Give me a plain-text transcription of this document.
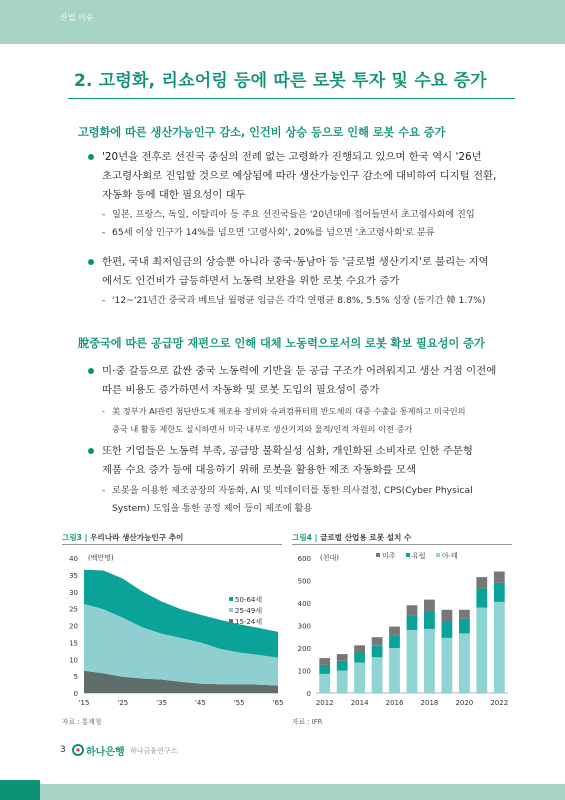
산업 이슈
2. 고령화, 리쇼어링 등에 따른 로봇 투자 및 수요 증가
고령화에 따른 생산가능인구 감소, 인건비 상승 등으로 인해 로봇 수요 증가
'20년을 전후로 선진국 중심의 전례 없는 고령화가 진행되고 있으며 한국 역시 '26년
초고령사회로 진입할 것으로 예상됨에 따라 생산가능인구 감소에 대비하여 디지털 전환,
자동화 등에 대한 필요성이 대두
- 일본, 프랑스, 독일, 이탈리아 등 주요 선진국들은 '20년대에 접어들면서 초고령사회에 진입
- 65세 이상 인구가 14%를 넘으면 '고령사회', 20%를 넘으면 '초고령사회'로 분류
한편, 국내 최저임금의 상승뿐 아니라 중국·동남아 등 '글로벌 생산기지'로 불리는 지역
에서도 인건비가 급등하면서 노동력 보완을 위한 로봇 수요가 증가
- '12~'21년간 중국과 베트남 월평균 임금은 각각 연평균 8.8%, 5.5% 성장 (동기간 韓 1.7%)
脫중국에 따른 공급망 재편으로 인해 대체 노동력으로서의 로봇 확보 필요성이 증가
미·중 갈등으로 값싼 중국 노동력에 기반을 둔 공급 구조가 어려워지고 생산 거점 이전에
따른 비용도 증가하면서 자동화 및 로봇 도입의 필요성이 증가
- 美 정부가 AI관련 첨단반도체 제조용 장비와 슈퍼컴퓨터用 반도체의 대중 수출을 통제하고 미국인의
중국 내 활동 제한도 실시하면서 미국 내부로 생산기지와 물적/인적 자원의 이전 증가
또한 기업들은 노동력 부족, 공급망 불확실성 심화, 개인화된 소비자로 인한 주문형
제품 수요 증가 등에 대응하기 위해 로봇을 활용한 제조 자동화를 모색
- 로봇을 이용한 제조공장의 자동화, AI 및 빅데이터를 통한 의사결정, CPS(Cyber Physical
System) 도입을 통한 공정 제어 등이 제조에 활용
그림3 | 우리나라 생산가능인구 추이
0
5
10
15
20
25
30
35
40 (백만명)
'15	'25	'35	'45	'55	'65
50-64세
25-49세
15-24세
자료 : 통계청
그림4 | 글로벌 산업용 로봇 설치 수
0
100
200
300
400
500
600 (천대)
2012 2014 2016 2018 2020 2022
미주 유럽 아·태
자료 : IFR
3 하나은행 하나금융연구소
